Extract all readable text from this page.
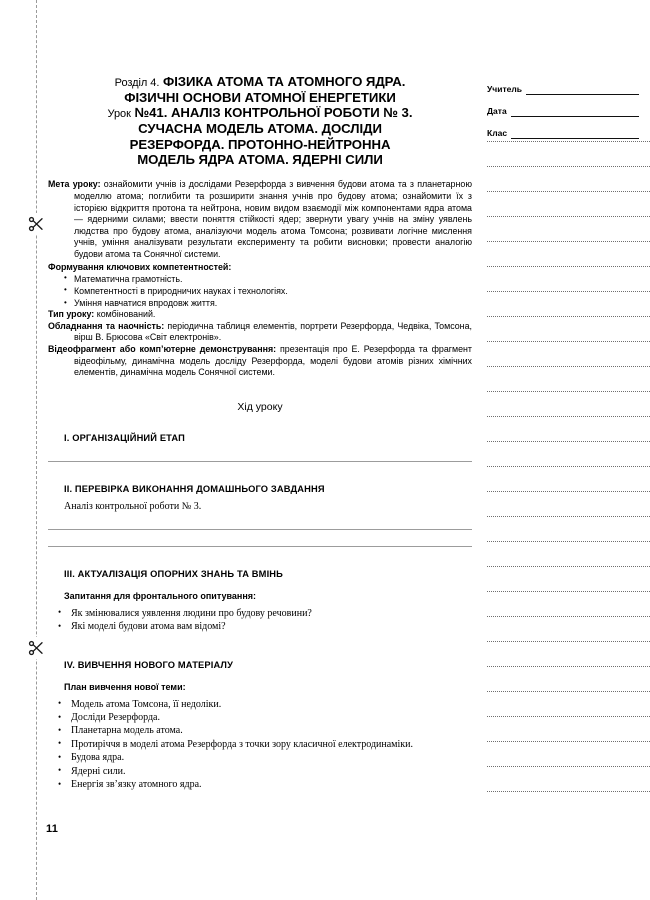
11
Учитель
Дата
Клас
Розділ 4. ФІЗИКА АТОМА ТА АТОМНОГО ЯДРА.
ФІЗИЧНІ ОСНОВИ АТОМНОЇ ЕНЕРГЕТИКИ
Урок №41. АНАЛІЗ КОНТРОЛЬНОЇ РОБОТИ № 3.
СУЧАСНА МОДЕЛЬ АТОМА. ДОСЛІДИ
РЕЗЕРФОРДА. ПРОТОННО-НЕЙТРОННА
МОДЕЛЬ ЯДРА АТОМА. ЯДЕРНІ СИЛИ

Мета уроку: ознайомити учнів із дослідами Резерфорда з вивчення будови атома та з планетарною моделлю атома; поглибити та розширити знання учнів про будову атома; ознайомити їх з історією відкриття протона та нейтрона, новим видом взаємодії між компонентами ядра атома — ядерними силами; ввести поняття стійкості ядер; звернути увагу учнів на зміну уявлень людства про будову атома, аналізуючи модель атома Томсона; розвивати логічне мислення учнів, уміння аналізувати результати експерименту та робити висновки; провести аналогію будови атома та Сонячної системи.

Формування ключових компетентностей:

• Математична грамотність.
• Компетентності в природничих науках і технологіях.
• Уміння навчатися впродовж життя.

Тип уроку: комбінований.

Обладнання та наочність: періодична таблиця елементів, портрети Резерфорда, Чедвіка, Томсона, вірш В. Брюсова «Світ електронів».

Відеофрагмент або комп’ютерне демонстрування: презентація про Е. Резерфорда та фрагмент відеофільму, динамічна модель досліду Резерфорда, моделі будови атомів різних хімічних елементів, динамічна модель Сонячної системи.

Хід уроку

I. ОРГАНІЗАЦІЙНИЙ ЕТАП

II. ПЕРЕВІРКА ВИКОНАННЯ ДОМАШНЬОГО ЗАВДАННЯ

Аналіз контрольної роботи № 3.

III. АКТУАЛІЗАЦІЯ ОПОРНИХ ЗНАНЬ ТА ВМІНЬ

Запитання для фронтального опитування:

• Як змінювалися уявлення людини про будову речовини?
• Які моделі будови атома вам відомі?

IV. ВИВЧЕННЯ НОВОГО МАТЕРІАЛУ

План вивчення нової теми:

• Модель атома Томсона, її недоліки.
• Досліди Резерфорда.
• Планетарна модель атома.
• Протиріччя в моделі атома Резерфорда з точки зору класичної електродинаміки.
• Будова ядра.
• Ядерні сили.
• Енергія зв’язку атомного ядра.
